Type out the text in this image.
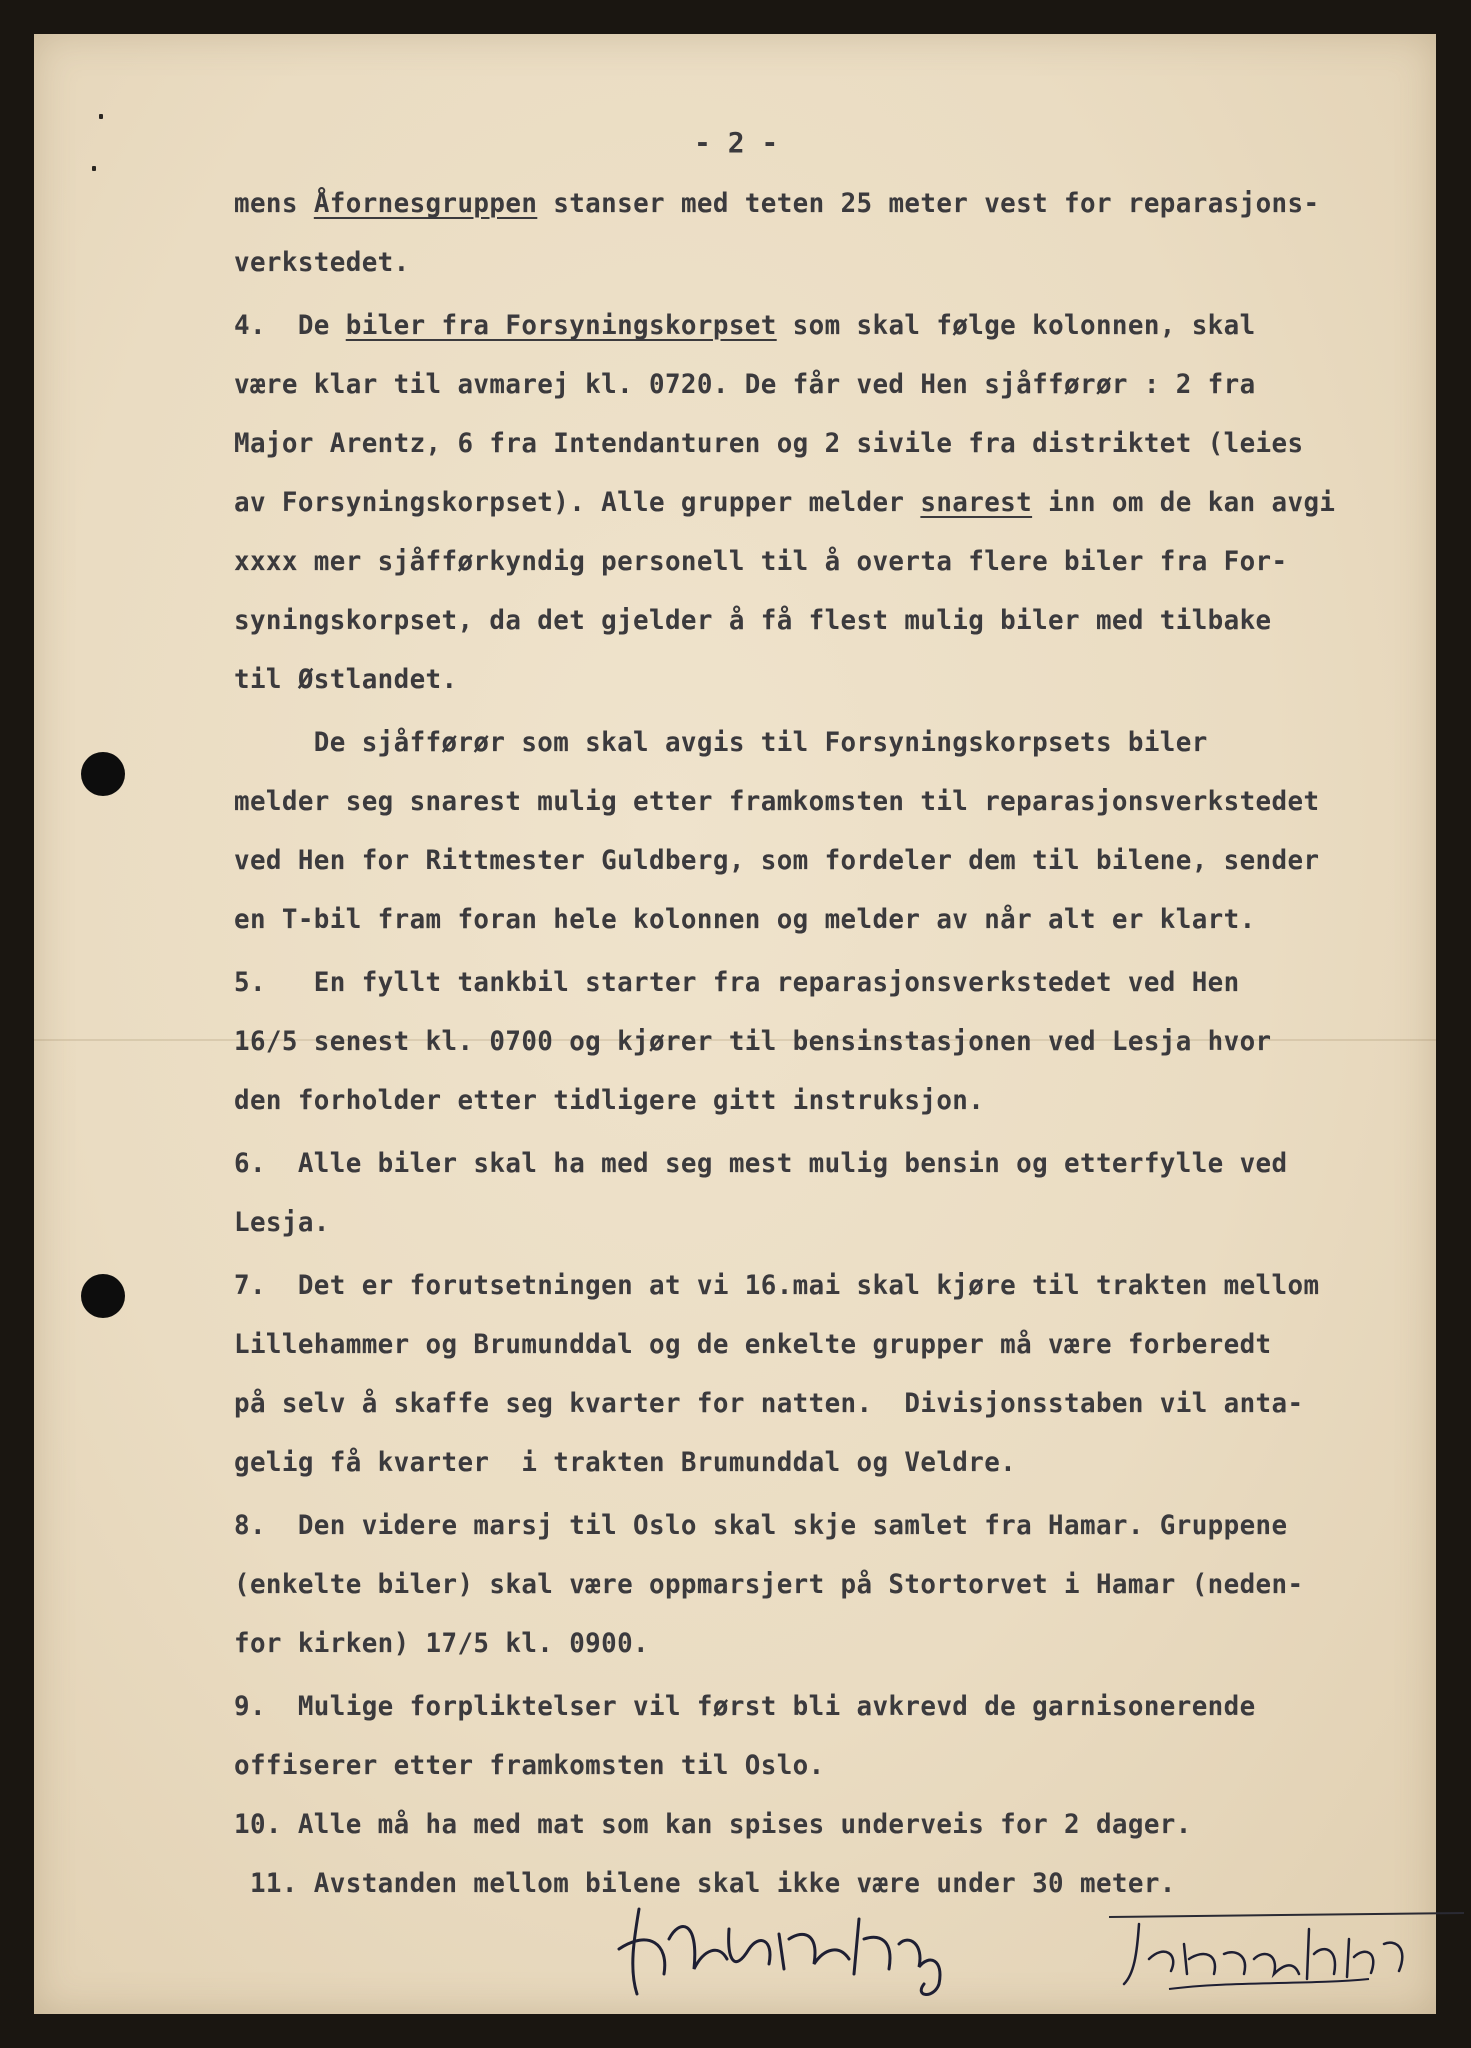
- 2 -

mens Åfornesgruppen stanser med teten 25 meter vest for reparasjons-

verkstedet.

4.  De biler fra Forsyningskorpset som skal følge kolonnen, skal

være klar til avmarej kl. 0720. De får ved Hen sjåfførør : 2 fra

Major Arentz, 6 fra Intendanturen og 2 sivile fra distriktet (leies

av Forsyningskorpset). Alle grupper melder snarest inn om de kan avgi

xxxx mer sjåfførkyndig personell til å overta flere biler fra For-

syningskorpset, da det gjelder å få flest mulig biler med tilbake

til Østlandet.

De sjåfførør som skal avgis til Forsyningskorpsets biler

melder seg snarest mulig etter framkomsten til reparasjonsverkstedet

ved Hen for Rittmester Guldberg, som fordeler dem til bilene, sender

en T-bil fram foran hele kolonnen og melder av når alt er klart.

5.   En fyllt tankbil starter fra reparasjonsverkstedet ved Hen

16/5 senest kl. 0700 og kjører til bensinstasjonen ved Lesja hvor

den forholder etter tidligere gitt instruksjon.

6.  Alle biler skal ha med seg mest mulig bensin og etterfylle ved

Lesja.

7.  Det er forutsetningen at vi 16.mai skal kjøre til trakten mellom

Lillehammer og Brumunddal og de enkelte grupper må være forberedt

på selv å skaffe seg kvarter for natten.  Divisjonsstaben vil anta-

gelig få kvarter  i trakten Brumunddal og Veldre.

8.  Den videre marsj til Oslo skal skje samlet fra Hamar. Gruppene

(enkelte biler) skal være oppmarsjert på Stortorvet i Hamar (neden-

for kirken) 17/5 kl. 0900.

9.  Mulige forpliktelser vil først bli avkrevd de garnisonerende

offiserer etter framkomsten til Oslo.

10. Alle må ha med mat som kan spises underveis for 2 dager.

11. Avstanden mellom bilene skal ikke være under 30 meter.
